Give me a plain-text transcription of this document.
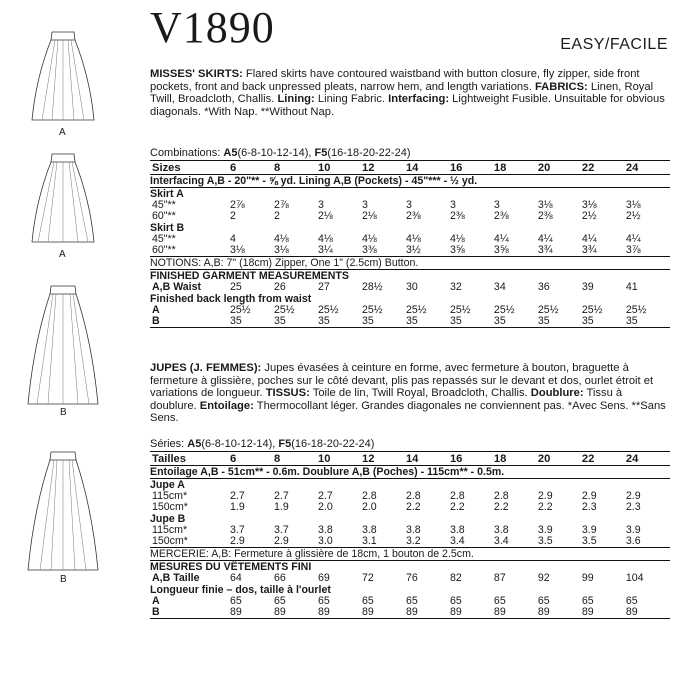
V1890	EASY/FACILE
A
A
B
B
MISSES' SKIRTS: Flared skirts have contoured waistband with button closure, fly zipper, side front pockets, front and back unpressed pleats, narrow hem, and length variations. FABRICS: Linen, Royal Twill, Broadcloth, Challis. Lining: Lining Fabric. Interfacing: Lightweight Fusible. Unsuitable for obvious diagonals. *With Nap. **Without Nap.
Combinations: A5(6-8-10-12-14), F5(16-18-20-22-24)
Sizes	6	8	10	12	14	16	18	20	22	24
Interfacing A,B - 20"** - ⅝ yd. Lining A,B (Pockets) - 45"*** - ½ yd.										
Skirt A										
45"**	2⅞	2⅞	3	3	3	3	3	3⅛	3⅛	3⅛
60"**	2	2	2⅛	2⅛	2⅜	2⅜	2⅜	2⅜	2½	2½
Skirt B										
45"**	4	4⅛	4⅛	4⅛	4⅛	4⅛	4¼	4¼	4¼	4¼
60"**	3⅛	3⅛	3¼	3⅜	3½	3⅝	3⅝	3¾	3¾	3⅞
NOTIONS: A,B: 7" (18cm) Zipper, One 1" (2.5cm) Button.										
FINISHED GARMENT MEASUREMENTS										
A,B Waist	25	26	27	28½	30	32	34	36	39	41
Finished back length from waist										
A	25½	25½	25½	25½	25½	25½	25½	25½	25½	25½
B	35	35	35	35	35	35	35	35	35	35
JUPES (J. FEMMES): Jupes évasées à ceinture en forme, avec fermeture à bouton, braguette à fermeture à glissière, poches sur le côté devant, plis pas repassés sur le devant et dos, ourlet étroit et variations de longueur. TISSUS: Toile de lin, Twill Royal, Broadcloth, Challis. Doublure: Tissu à doublure. Entoilage: Thermocollant léger. Grandes diagonales ne conviennent pas. *Avec Sens. **Sans Sens.
Séries: A5(6-8-10-12-14), F5(16-18-20-22-24)
Tailles	6	8	10	12	14	16	18	20	22	24
Entoilage A,B - 51cm** - 0.6m. Doublure A,B (Poches) - 115cm** - 0.5m.										
Jupe A										
115cm*	2.7	2.7	2.7	2.8	2.8	2.8	2.8	2.9	2.9	2.9
150cm*	1.9	1.9	2.0	2.0	2.2	2.2	2.2	2.2	2.3	2.3
Jupe B										
115cm*	3.7	3.7	3.8	3.8	3.8	3.8	3.8	3.9	3.9	3.9
150cm*	2.9	2.9	3.0	3.1	3.2	3.4	3.4	3.5	3.5	3.6
MERCERIE: A,B: Fermeture à glissière de 18cm, 1 bouton de 2.5cm.										
MESURES DU VÊTEMENTS FINI										
A,B Taille	64	66	69	72	76	82	87	92	99	104
Longueur finie – dos, taille à l'ourlet										
A	65	65	65	65	65	65	65	65	65	65
B	89	89	89	89	89	89	89	89	89	89
